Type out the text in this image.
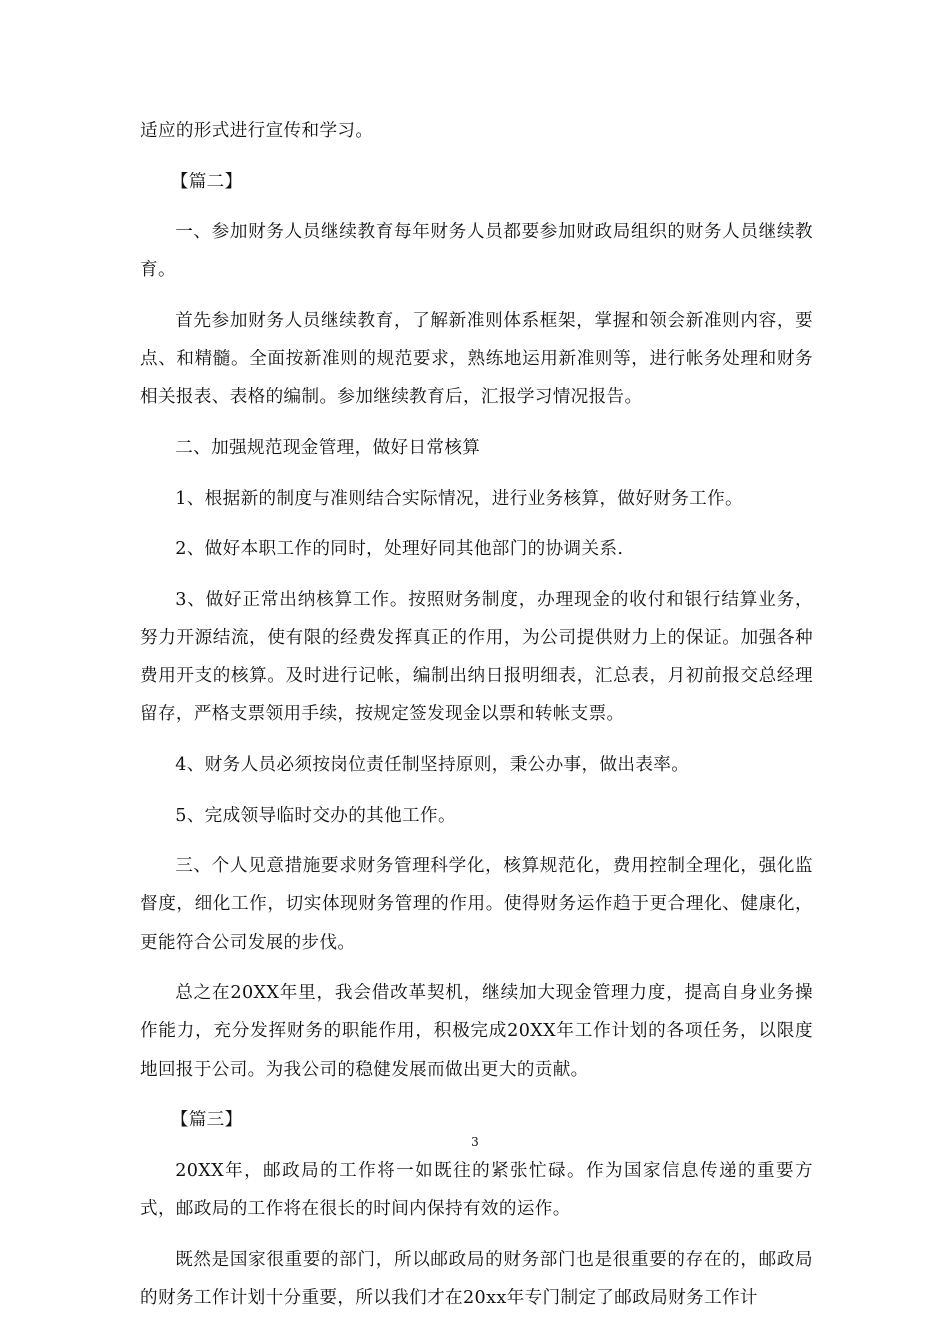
适应的形式进行宣传和学习。

【篇二】

一、参加财务人员继续教育每年财务人员都要参加财政局组织的财务人员继续教育。

首先参加财务人员继续教育，了解新准则体系框架，掌握和领会新准则内容，要点、和精髓。全面按新准则的规范要求，熟练地运用新准则等，进行帐务处理和财务相关报表、表格的编制。参加继续教育后，汇报学习情况报告。

二、加强规范现金管理，做好日常核算

1、根据新的制度与准则结合实际情况，进行业务核算，做好财务工作。

2、做好本职工作的同时，处理好同其他部门的协调关系.

3、做好正常出纳核算工作。按照财务制度，办理现金的收付和银行结算业务，努力开源结流，使有限的经费发挥真正的作用，为公司提供财力上的保证。加强各种费用开支的核算。及时进行记帐，编制出纳日报明细表，汇总表，月初前报交总经理留存，严格支票领用手续，按规定签发现金以票和转帐支票。

4、财务人员必须按岗位责任制坚持原则，秉公办事，做出表率。

5、完成领导临时交办的其他工作。

三、个人见意措施要求财务管理科学化，核算规范化，费用控制全理化，强化监督度，细化工作，切实体现财务管理的作用。使得财务运作趋于更合理化、健康化，更能符合公司发展的步伐。

总之在20XX年里，我会借改革契机，继续加大现金管理力度，提高自身业务操作能力，充分发挥财务的职能作用，积极完成20XX年工作计划的各项任务，以限度地回报于公司。为我公司的稳健发展而做出更大的贡献。

【篇三】

20XX年，邮政局的工作将一如既往的紧张忙碌。作为国家信息传递的重要方式，邮政局的工作将在很长的时间内保持有效的运作。

既然是国家很重要的部门，所以邮政局的财务部门也是很重要的存在的，邮政局的财务工作计划十分重要，所以我们才在20xx年专门制定了邮政局财务工作计

3
